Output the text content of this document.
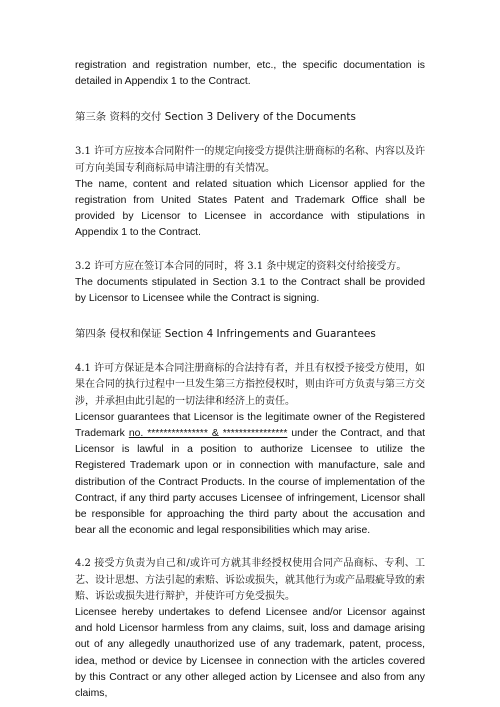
registration and registration number, etc., the specific documentation is detailed in Appendix 1 to the Contract.

第三条 资料的交付 Section 3 Delivery of the Documents

3.1 许可方应按本合同附件一的规定向接受方提供注册商标的名称、内容以及许可方向美国专利商标局申请注册的有关情况。

The name, content and related situation which Licensor applied for the registration from United States Patent and Trademark Office shall be provided by Licensor to Licensee in accordance with stipulations in Appendix 1 to the Contract.

3.2 许可方应在签订本合同的同时，将 3.1 条中规定的资料交付给接受方。

The documents stipulated in Section 3.1 to the Contract shall be provided by Licensor to Licensee while the Contract is signing.

第四条 侵权和保证 Section 4 Infringements and Guarantees

4.1 许可方保证是本合同注册商标的合法持有者，并且有权授予接受方使用，如果在合同的执行过程中一旦发生第三方指控侵权时，则由许可方负责与第三方交涉，并承担由此引起的一切法律和经济上的责任。

Licensor guarantees that Licensor is the legitimate owner of the Registered Trademark no. *************** & **************** under the Contract, and that Licensor is lawful in a position to authorize Licensee to utilize the Registered Trademark upon or in connection with manufacture, sale and distribution of the Contract Products. In the course of implementation of the Contract, if any third party accuses Licensee of infringement, Licensor shall be responsible for approaching the third party about the accusation and bear all the economic and legal responsibilities which may arise.

4.2 接受方负责为自己和/或许可方就其非经授权使用合同产品商标、专利、工艺、设计思想、方法引起的索赔、诉讼或损失，就其他行为或产品瑕疵导致的索赔、诉讼或损失进行辩护，并使许可方免受损失。

Licensee hereby undertakes to defend Licensee and/or Licensor against and hold Licensor harmless from any claims, suit, loss and damage arising out of any allegedly unauthorized use of any trademark, patent, process, idea, method or device by Licensee in connection with the articles covered by this Contract or any other alleged action by Licensee and also from any claims,
